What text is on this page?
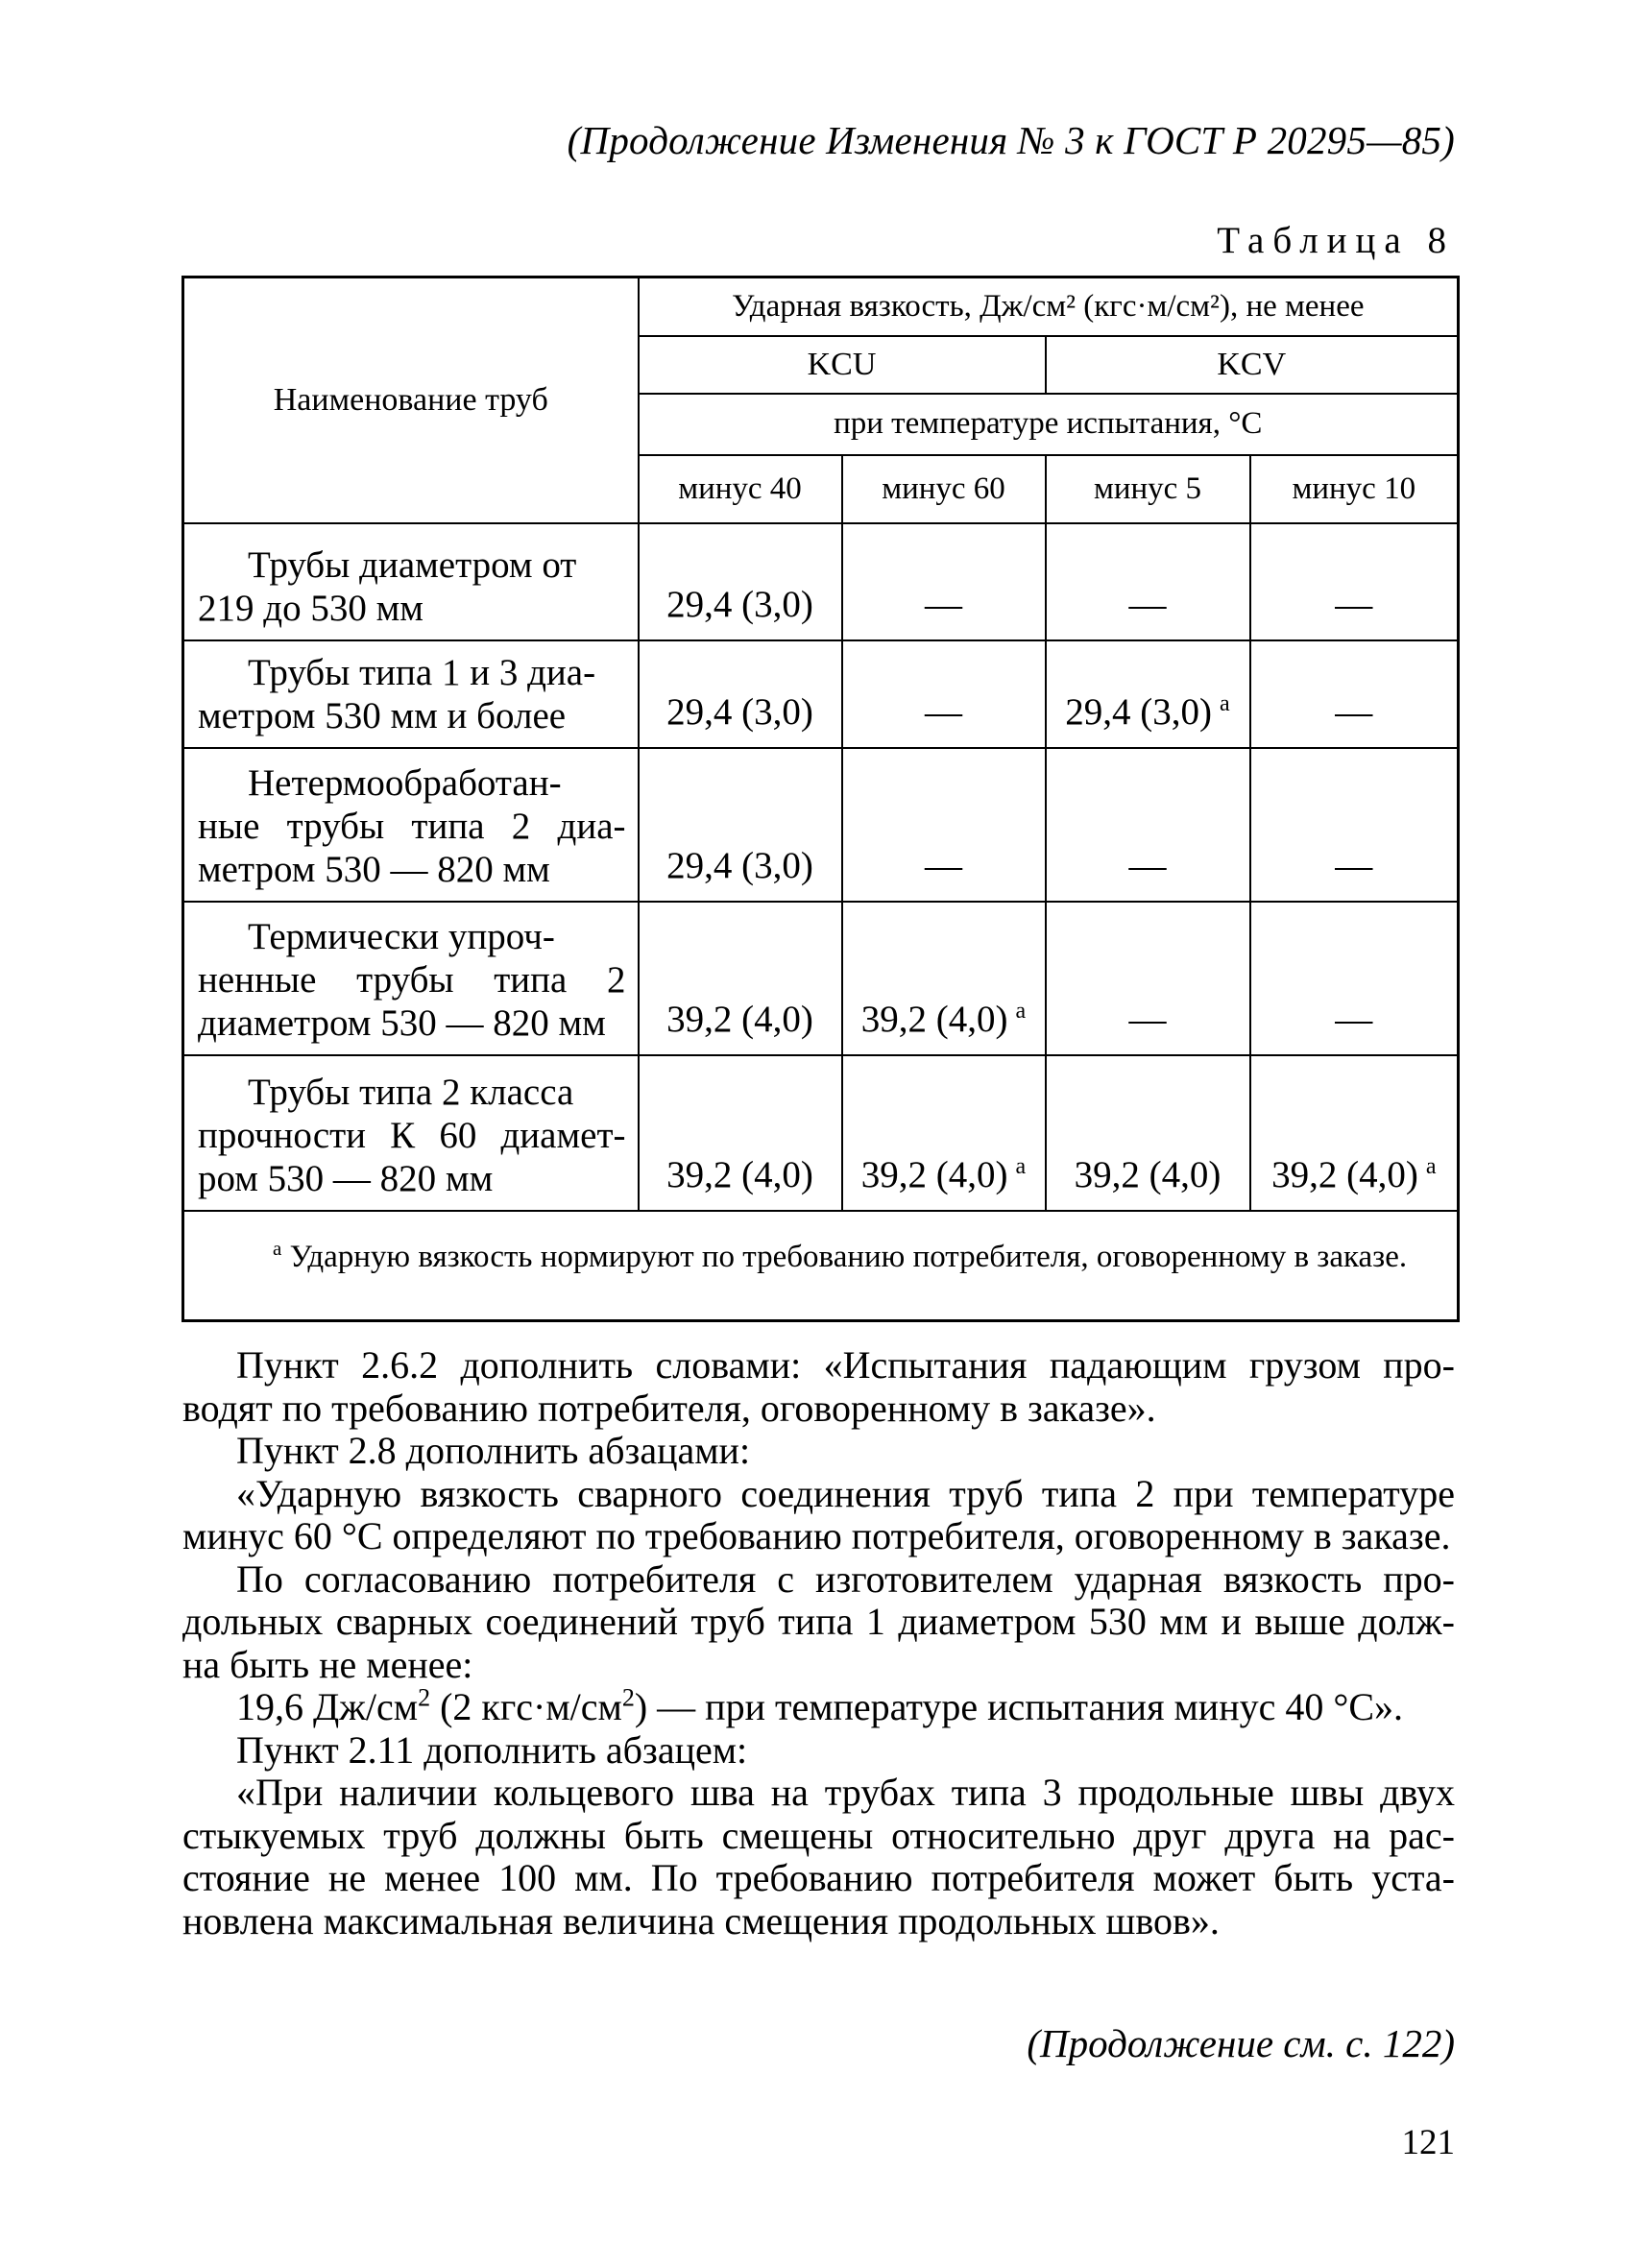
(Продолжение Изменения № 3 к ГОСТ Р 20295—85)
Таблица 8
Наименование труб	Ударная вязкость, Дж/см² (кгс·м/см²), не менее			
	KCU		KCV	
	при температуре испытания, °С			
	минус 40	минус 60	минус 5	минус 10

Трубы диаметром от
219 до 530 мм	29,4 (3,0)	—	—	—

Трубы типа 1 и 3 диа-
метром 530 мм и более	29,4 (3,0)	—	29,4 (3,0) $^а$	—

Нетермообработан-
ные трубы типа 2 диа- метром 530 — 820 мм	29,4 (3,0)	—	—	—

Термически упроч-
ненные трубы типа 2 диаметром 530 — 820 мм	39,2 (4,0)	39,2 (4,0) $^а$	—	—

Трубы типа 2 класса
прочности К 60 диамет- ром 530 — 820 мм	39,2 (4,0)	39,2 (4,0) $^а$	39,2 (4,0)	39,2 (4,0) $^а$
$^а$ Ударную вязкость нормируют по требованию потребителя, оговоренному в заказе.				

Пункт 2.6.2 дополнить словами: «Испытания падающим грузом про- водят по требованию потребителя, оговоренному в заказе».

Пункт 2.8 дополнить абзацами:

«Ударную вязкость сварного соединения труб типа 2 при температуре минус 60 °С определяют по требованию потребителя, оговоренному в заказе.

По согласованию потребителя с изготовителем ударная вязкость про- дольных сварных соединений труб типа 1 диаметром 530 мм и выше долж- на быть не менее:

19,6 $Дж/см^2$ (2 $кгс\cdot м/см^2$) — при температуре испытания минус 40 °С».

Пункт 2.11 дополнить абзацем:

«При наличии кольцевого шва на трубах типа 3 продольные швы двух стыкуемых труб должны быть смещены относительно друг друга на рас- стояние не менее 100 мм. По требованию потребителя может быть уста- новлена максимальная величина смещения продольных швов».

(Продолжение см. с. 122)
121
